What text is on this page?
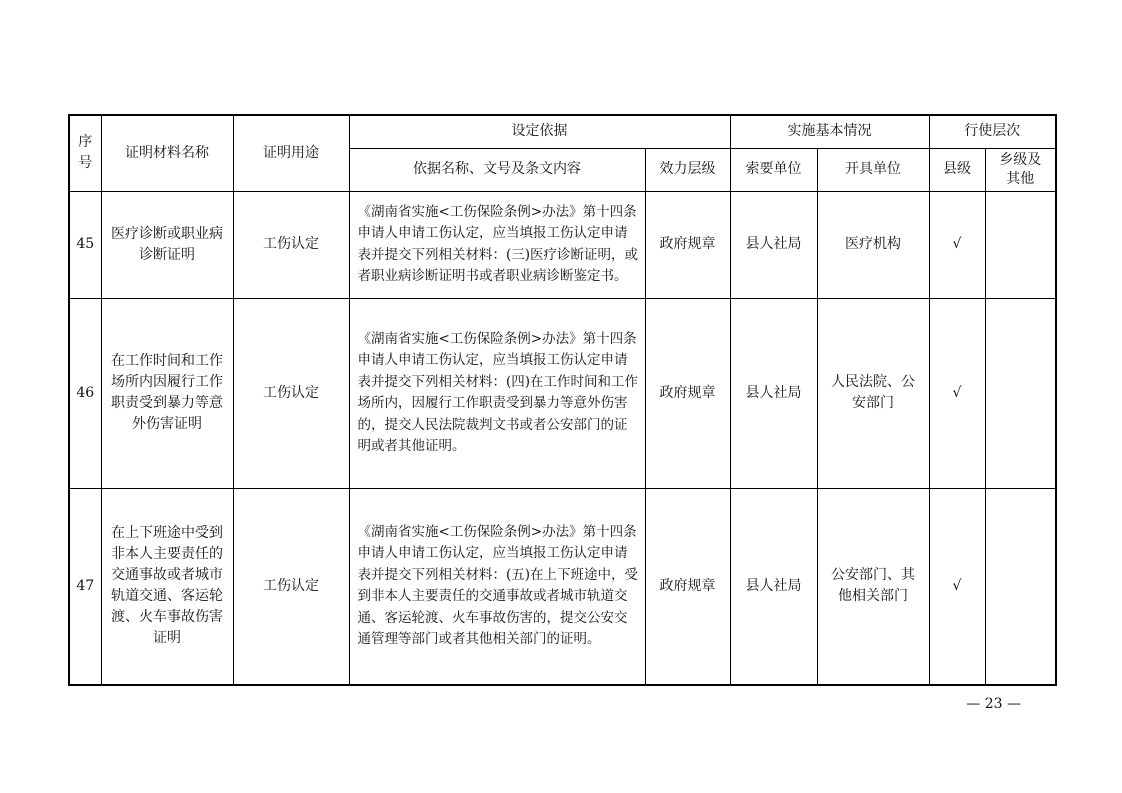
序号	证明材料名称	证明用途	设定依据		实施基本情况		行使层次	
			依据名称、文号及条文内容	效力层级	索要单位	开具单位	县级	乡级及其他
45	医疗诊断或职业病诊断证明	工伤认定	《湖南省实施<工伤保险条例>办法》第十四条 申请人申请工伤认定，应当填报工伤认定申请表并提交下列相关材料：(三)医疗诊断证明，或者职业病诊断证明书或者职业病诊断鉴定书。	政府规章	县人社局	医疗机构	√	
46	在工作时间和工作场所内因履行工作职责受到暴力等意外伤害证明	工伤认定	《湖南省实施<工伤保险条例>办法》第十四条 申请人申请工伤认定，应当填报工伤认定申请表并提交下列相关材料：(四)在工作时间和工作场所内，因履行工作职责受到暴力等意外伤害的，提交人民法院裁判文书或者公安部门的证明或者其他证明。	政府规章	县人社局	人民法院、公安部门	√	
47	在上下班途中受到非本人主要责任的交通事故或者城市轨道交通、客运轮渡、火车事故伤害证明	工伤认定	《湖南省实施<工伤保险条例>办法》第十四条 申请人申请工伤认定，应当填报工伤认定申请表并提交下列相关材料：(五)在上下班途中，受到非本人主要责任的交通事故或者城市轨道交通、客运轮渡、火车事故伤害的，提交公安交通管理等部门或者其他相关部门的证明。	政府规章	县人社局	公安部门、其他相关部门	√	
— 23 —
